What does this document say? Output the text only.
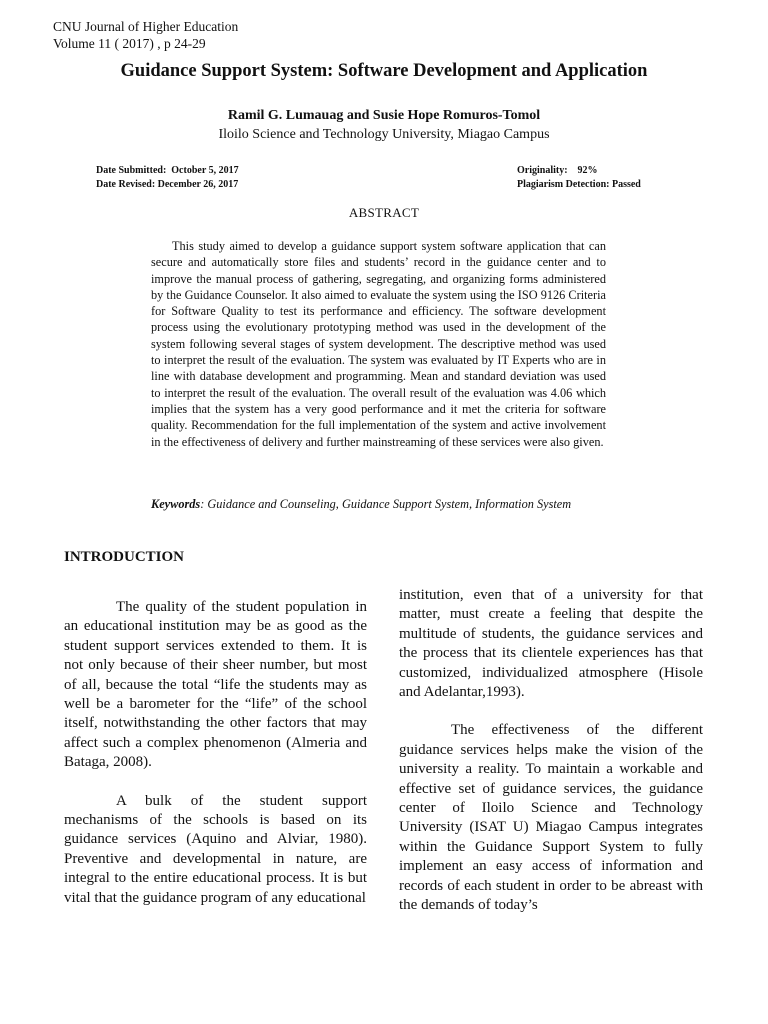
CNU Journal of Higher Education
Volume 11 ( 2017) , p 24-29
Guidance Support System: Software Development and Application
Ramil G. Lumauag and Susie Hope Romuros-Tomol
Iloilo Science and Technology University, Miagao Campus
Date Submitted:  October 5, 2017
Date Revised: December 26, 2017
Originality:    92%
Plagiarism Detection: Passed
ABSTRACT

This study aimed to develop a guidance support system software application that can secure and automatically store files and students’ record in the guidance center and to improve the manual process of gathering, segregating, and organizing forms administered by the Guidance Counselor. It also aimed to evaluate the system using the ISO 9126 Criteria for Software Quality to test its performance and efficiency. The software development process using the evolutionary prototyping method was used in the development of the system following several stages of system development. The descriptive method was used to interpret the result of the evaluation. The system was evaluated by IT Experts who are in line with database development and programming. Mean and standard deviation was used to interpret the result of the evaluation. The overall result of the evaluation was 4.06 which implies that the system has a very good performance and it met the criteria for software quality. Recommendation for the full implementation of the system and active involvement in the effectiveness of delivery and further mainstreaming of these services were also given.

Keywords: Guidance and Counseling, Guidance Support System, Information System

INTRODUCTION

The quality of the student population in an educational institution may be as good as the student support services extended to them. It is not only because of their sheer number, but most of all, because the total “life the students may as well be a barometer for the “life” of the school itself, notwithstanding the other factors that may affect such a complex phenomenon (Almeria and Bataga, 2008).

A bulk of the student support mechanisms of the schools is based on its guidance services (Aquino and Alviar, 1980). Preventive and developmental in nature, are integral to the entire educational process. It is but vital that the guidance program of any educational

institution, even that of a university for that matter, must create a feeling that despite the multitude of students, the guidance services and the process that its clientele experiences has that customized, individualized atmosphere (Hisole and Adelantar,1993).

The effectiveness of the different guidance services helps make the vision of the university a reality. To maintain a workable and effective set of guidance services, the guidance center of Iloilo Science and Technology University (ISAT U) Miagao Campus integrates within the Guidance Support System to fully implement an easy access of information and records of each student in order to be abreast with the demands of today’s
